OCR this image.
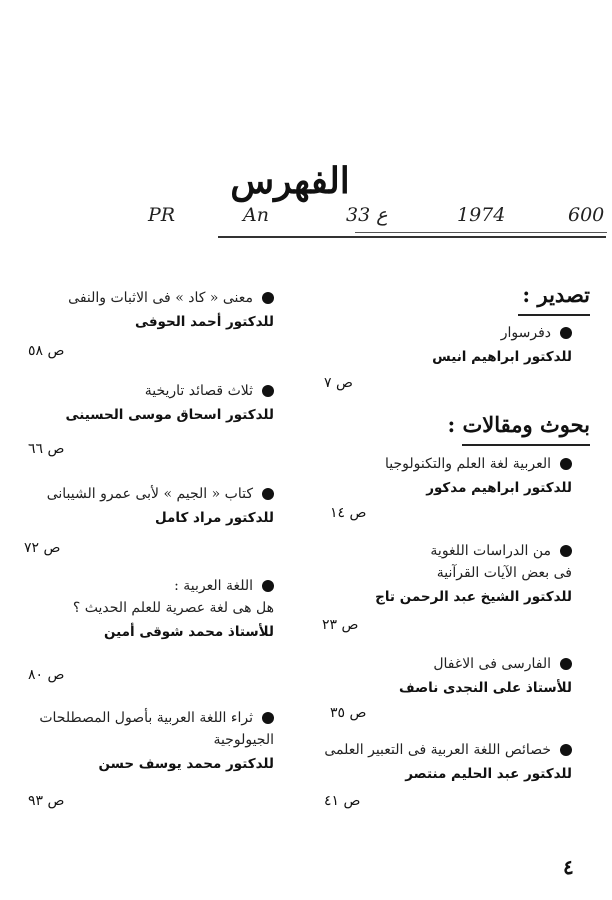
الفهرس
PR	An	33 ع	1974	600
تصدير :
بحوث ومقالات :
دفرسوار
للدكتور ابراهيم انيس
ص ٧
العربية لغة العلم والتكنولوجيا
للدكتور ابراهيم مدكور
ص ١٤
من الدراسات اللغوية
فى بعض الآيات القرآنية
للدكتور الشيخ عبد الرحمن تاج
ص ٢٣
الفارسى فى الاغفال
للأستاذ على النجدى ناصف
ص ٣٥
خصائص اللغة العربية فى التعبير العلمى
للدكتور عبد الحليم منتصر
ص ٤١
معنى « كاد » فى الاثبات والنفى
للدكتور أحمد الحوفى
ص ٥٨
ثلاث قصائد تاريخية
للدكتور اسحاق موسى الحسينى
ص ٦٦
كتاب « الجيم » لأبى عمرو الشيبانى
للدكتور مراد كامل
ص ٧٢
اللغة العربية :
هل هى لغة عصرية للعلم الحديث ؟
للأستاذ محمد شوقى أمين
ص ٨٠
ثراء اللغة العربية بأصول المصطلحات
الجيولوجية
للدكتور محمد يوسف حسن
ص ٩٣
٤
